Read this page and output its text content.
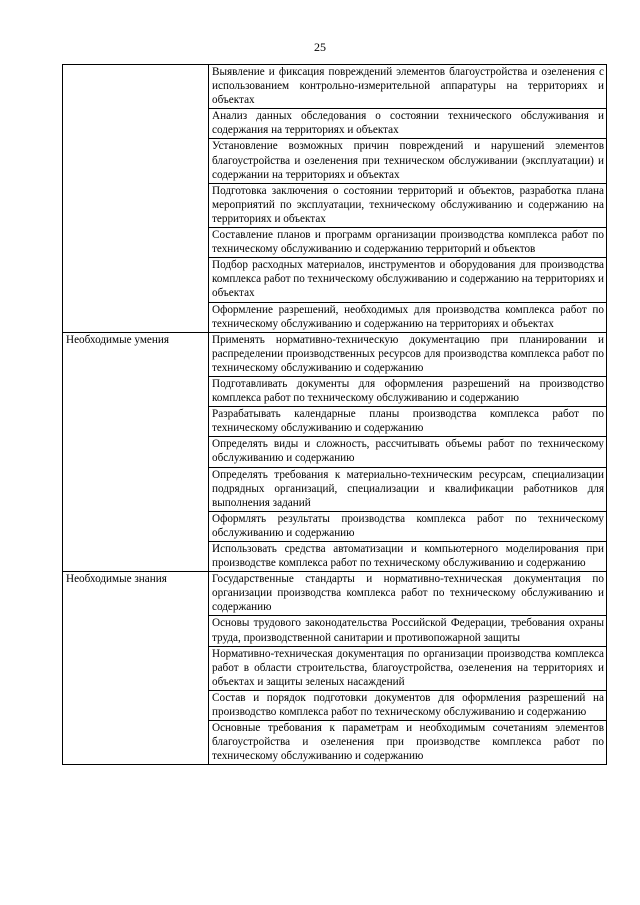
25
	Выявление и фиксация повреждений элементов благоустройства и озеленения с использованием контрольно-измерительной аппаратуры на территориях и объектах
	Анализ данных обследования о состоянии технического обслуживания и содержания на территориях и объектах
	Установление возможных причин повреждений и нарушений элементов благоустройства и озеленения при техническом обслуживании (эксплуатации) и содержании на территориях и объектах
	Подготовка заключения о состоянии территорий и объектов, разработка плана мероприятий по эксплуатации, техническому обслуживанию и содержанию на территориях и объектах
	Составление планов и программ организации производства комплекса работ по техническому обслуживанию и содержанию территорий и объектов
	Подбор расходных материалов, инструментов и оборудования для производства комплекса работ по техническому обслуживанию и содержанию на территориях и объектах
	Оформление разрешений, необходимых для производства комплекса работ по техническому обслуживанию и содержанию на территориях и объектах
Необходимые умения	Применять нормативно-техническую документацию при планировании и распределении производственных ресурсов для производства комплекса работ по техническому обслуживанию и содержанию
	Подготавливать документы для оформления разрешений на производство комплекса работ по техническому обслуживанию и содержанию
	Разрабатывать календарные планы производства комплекса работ по техническому обслуживанию и содержанию
	Определять виды и сложность, рассчитывать объемы работ по техническому обслуживанию и содержанию
	Определять требования к материально-техническим ресурсам, специализации подрядных организаций, специализации и квалификации работников для выполнения заданий
	Оформлять результаты производства комплекса работ по техническому обслуживанию и содержанию
	Использовать средства автоматизации и компьютерного моделирования при производстве комплекса работ по техническому обслуживанию и содержанию
Необходимые знания	Государственные стандарты и нормативно-техническая документация по организации производства комплекса работ по техническому обслуживанию и содержанию
	Основы трудового законодательства Российской Федерации, требования охраны труда, производственной санитарии и противопожарной защиты
	Нормативно-техническая документация по организации производства комплекса работ в области строительства, благоустройства, озеленения на территориях и объектах и защиты зеленых насаждений
	Состав и порядок подготовки документов для оформления разрешений на производство комплекса работ по техническому обслуживанию и содержанию
	Основные требования к параметрам и необходимым сочетаниям элементов благоустройства и озеленения при производстве комплекса работ по техническому обслуживанию и содержанию
